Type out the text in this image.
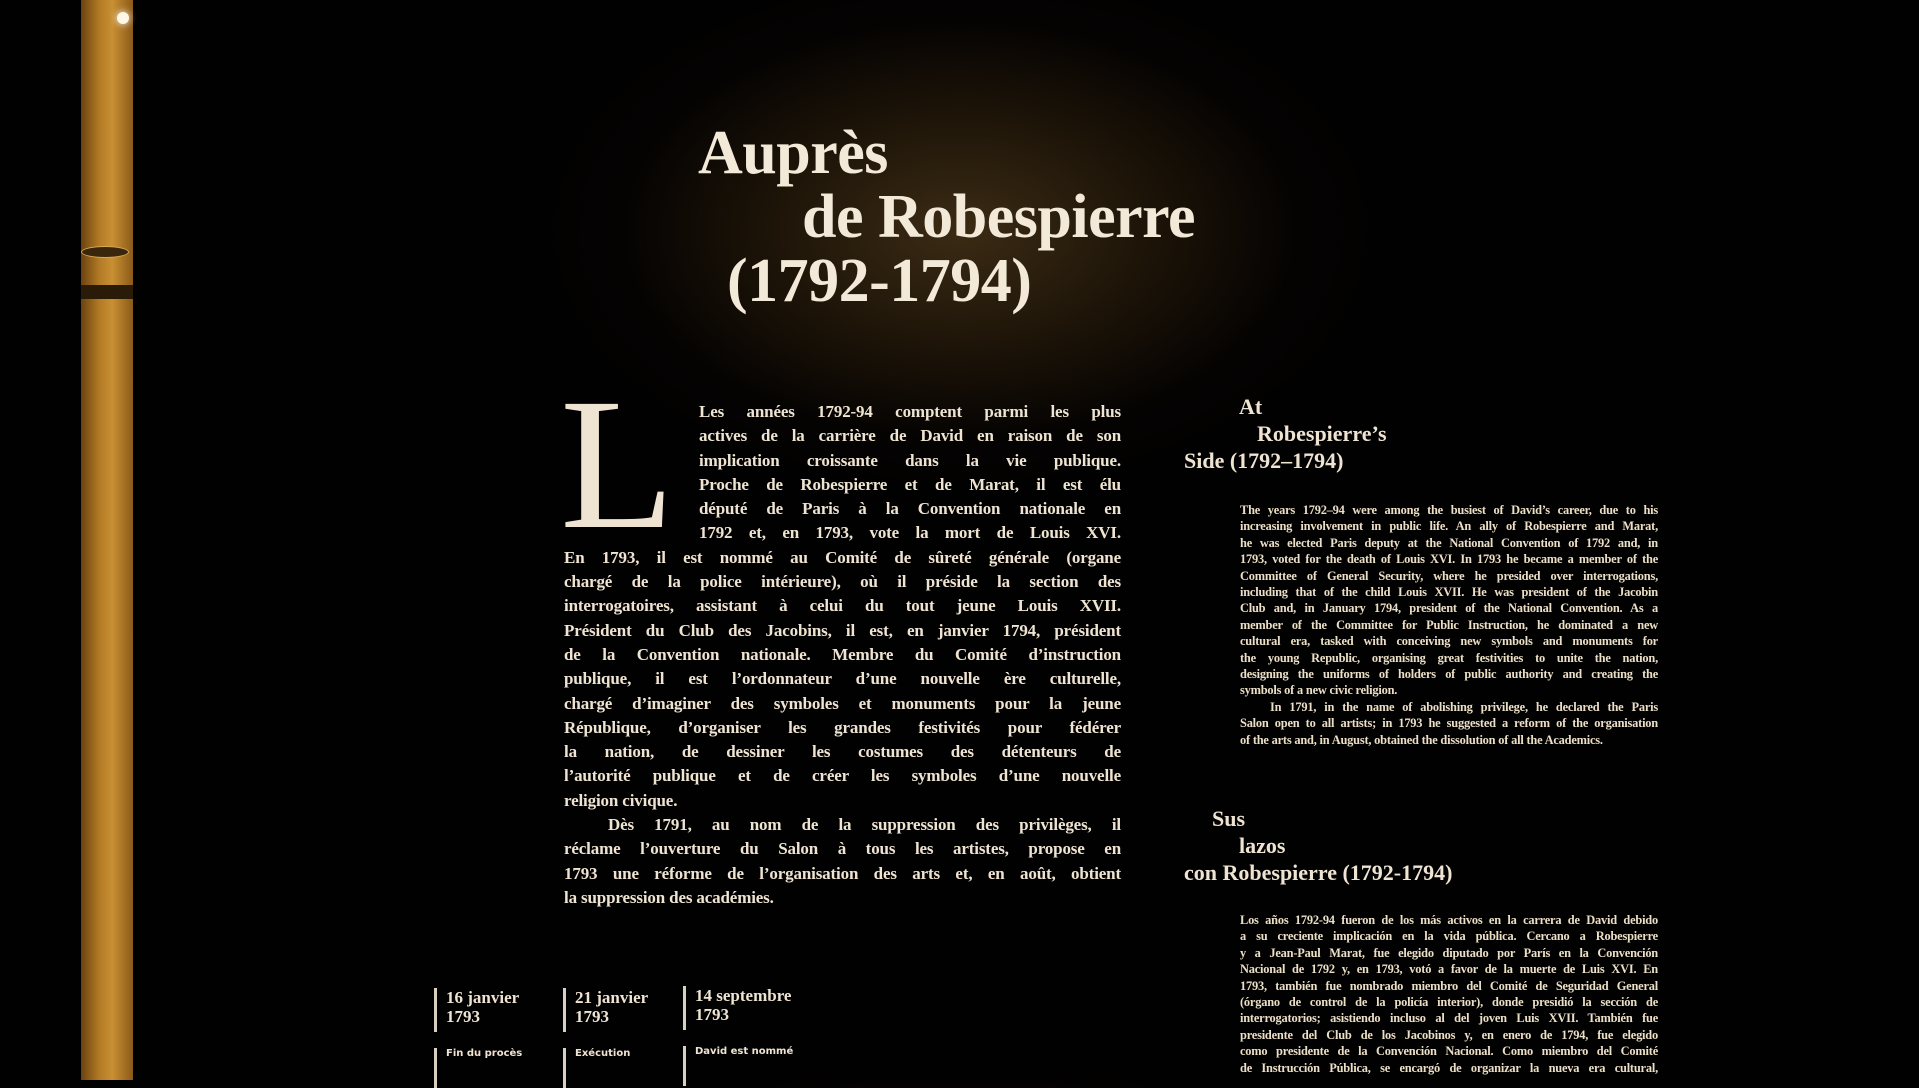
Auprès
de Robespierre
(1792-1794)
L	Les années 1792-94 comptent parmi les plus
actives de la carrière de David en raison de son
implication croissante dans la vie publique.
Proche de Robespierre et de Marat, il est élu
député de Paris à la Convention nationale en
1792 et, en 1793, vote la mort de Louis XVI.
En 1793, il est nommé au Comité de sûreté générale (organe
chargé de la police intérieure), où il préside la section des
interrogatoires, assistant à celui du tout jeune Louis XVII.
Président du Club des Jacobins, il est, en janvier 1794, président
de la Convention nationale. Membre du Comité d’instruction
publique, il est l’ordonnateur d’une nouvelle ère culturelle,
chargé d’imaginer des symboles et monuments pour la jeune
République, d’organiser les grandes festivités pour fédérer
la nation, de dessiner les costumes des détenteurs de
l’autorité publique et de créer les symboles d’une nouvelle
religion civique.
Dès 1791, au nom de la suppression des privilèges, il
réclame l’ouverture du Salon à tous les artistes, propose en
1793 une réforme de l’organisation des arts et, en août, obtient
la suppression des académies.
At
Robespierre’s
Side (1792–1794)
The years 1792–94 were among the busiest of David’s career, due to his
increasing involvement in public life. An ally of Robespierre and Marat,
he was elected Paris deputy at the National Convention of 1792 and, in
1793, voted for the death of Louis XVI. In 1793 he became a member of the
Committee of General Security, where he presided over interrogations,
including that of the child Louis XVII. He was president of the Jacobin
Club and, in January 1794, president of the National Convention. As a
member of the Committee for Public Instruction, he dominated a new
cultural era, tasked with conceiving new symbols and monuments for
the young Republic, organising great festivities to unite the nation,
designing the uniforms of holders of public authority and creating the
symbols of a new civic religion.
In 1791, in the name of abolishing privilege, he declared the Paris
Salon open to all artists; in 1793 he suggested a reform of the organisation
of the arts and, in August, obtained the dissolution of all the Academics.
Sus
lazos
con Robespierre (1792-1794)
Los años 1792-94 fueron de los más activos en la carrera de David debido
a su creciente implicación en la vida pública. Cercano a Robespierre
y a Jean-Paul Marat, fue elegido diputado por París en la Convención
Nacional de 1792 y, en 1793, votó a favor de la muerte de Luis XVI. En
1793, también fue nombrado miembro del Comité de Seguridad General
(órgano de control de la policía interior), donde presidió la sección de
interrogatorios; asistiendo incluso al del joven Luis XVII. También fue
presidente del Club de los Jacobinos y, en enero de 1794, fue elegido
como presidente de la Convención Nacional. Como miembro del Comité
de Instrucción Pública, se encargó de organizar la nueva era cultural,
16 janvier
1793
Fin du procès
21 janvier
1793
Exécution
14 septembre
1793
David est nommé
